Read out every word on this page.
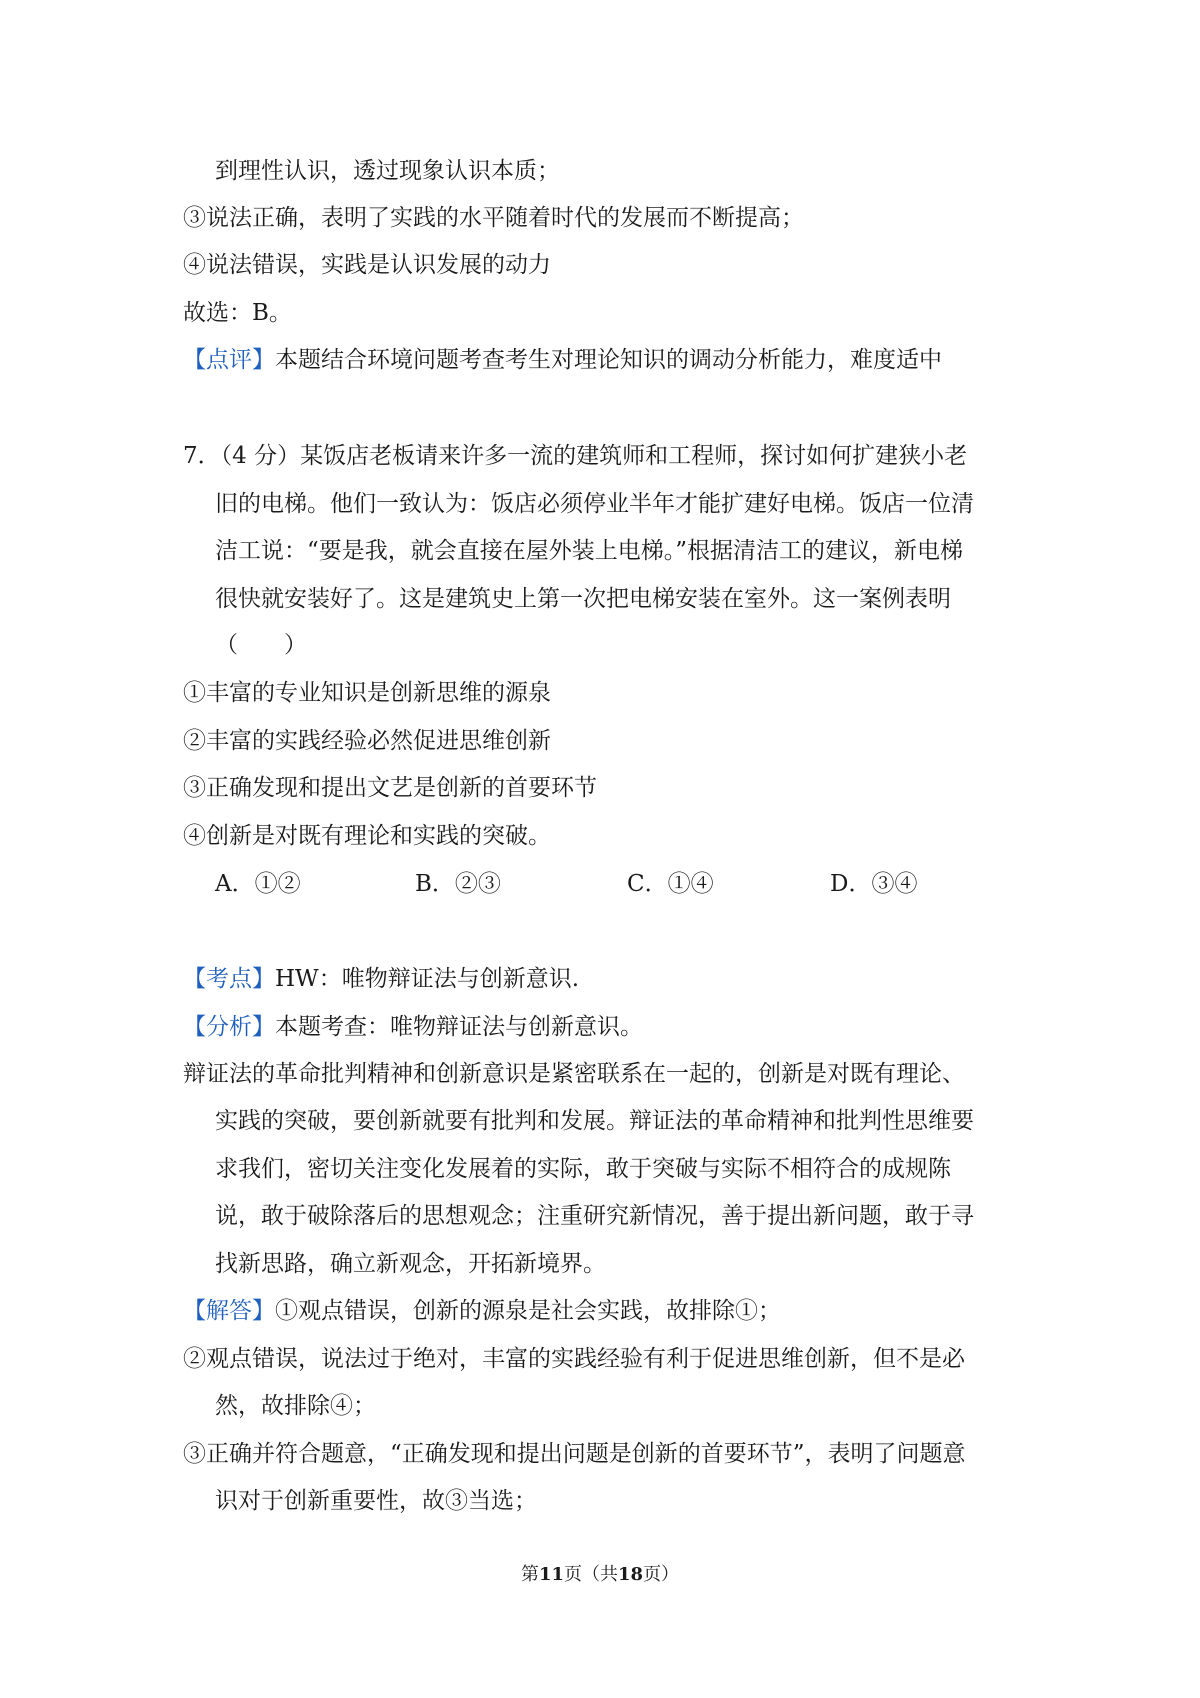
到理性认识，透过现象认识本质；
③说法正确，表明了实践的水平随着时代的发展而不断提高；
④说法错误，实践是认识发展的动力
故选：B。
【点评】本题结合环境问题考查考生对理论知识的调动分析能力，难度适中
7．（4 分）某饭店老板请来许多一流的建筑师和工程师，探讨如何扩建狭小老
旧的电梯。他们一致认为：饭店必须停业半年才能扩建好电梯。饭店一位清
洁工说：“要是我，就会直接在屋外装上电梯。”根据清洁工的建议，新电梯
很快就安装好了。这是建筑史上第一次把电梯安装在室外。这一案例表明
（　　）
①丰富的专业知识是创新思维的源泉
②丰富的实践经验必然促进思维创新
③正确发现和提出文艺是创新的首要环节
④创新是对既有理论和实践的突破。
A．①②	B．②③	C．①④	D．③④
【考点】HW：唯物辩证法与创新意识.
【分析】本题考查：唯物辩证法与创新意识。
辩证法的革命批判精神和创新意识是紧密联系在一起的，创新是对既有理论、
实践的突破，要创新就要有批判和发展。辩证法的革命精神和批判性思维要
求我们，密切关注变化发展着的实际，敢于突破与实际不相符合的成规陈
说，敢于破除落后的思想观念；注重研究新情况，善于提出新问题，敢于寻
找新思路，确立新观念，开拓新境界。
【解答】①观点错误，创新的源泉是社会实践，故排除①；
②观点错误，说法过于绝对，丰富的实践经验有利于促进思维创新，但不是必
然，故排除④；
③正确并符合题意，“正确发现和提出问题是创新的首要环节”，表明了问题意
识对于创新重要性，故③当选；
第11页（共18页）
